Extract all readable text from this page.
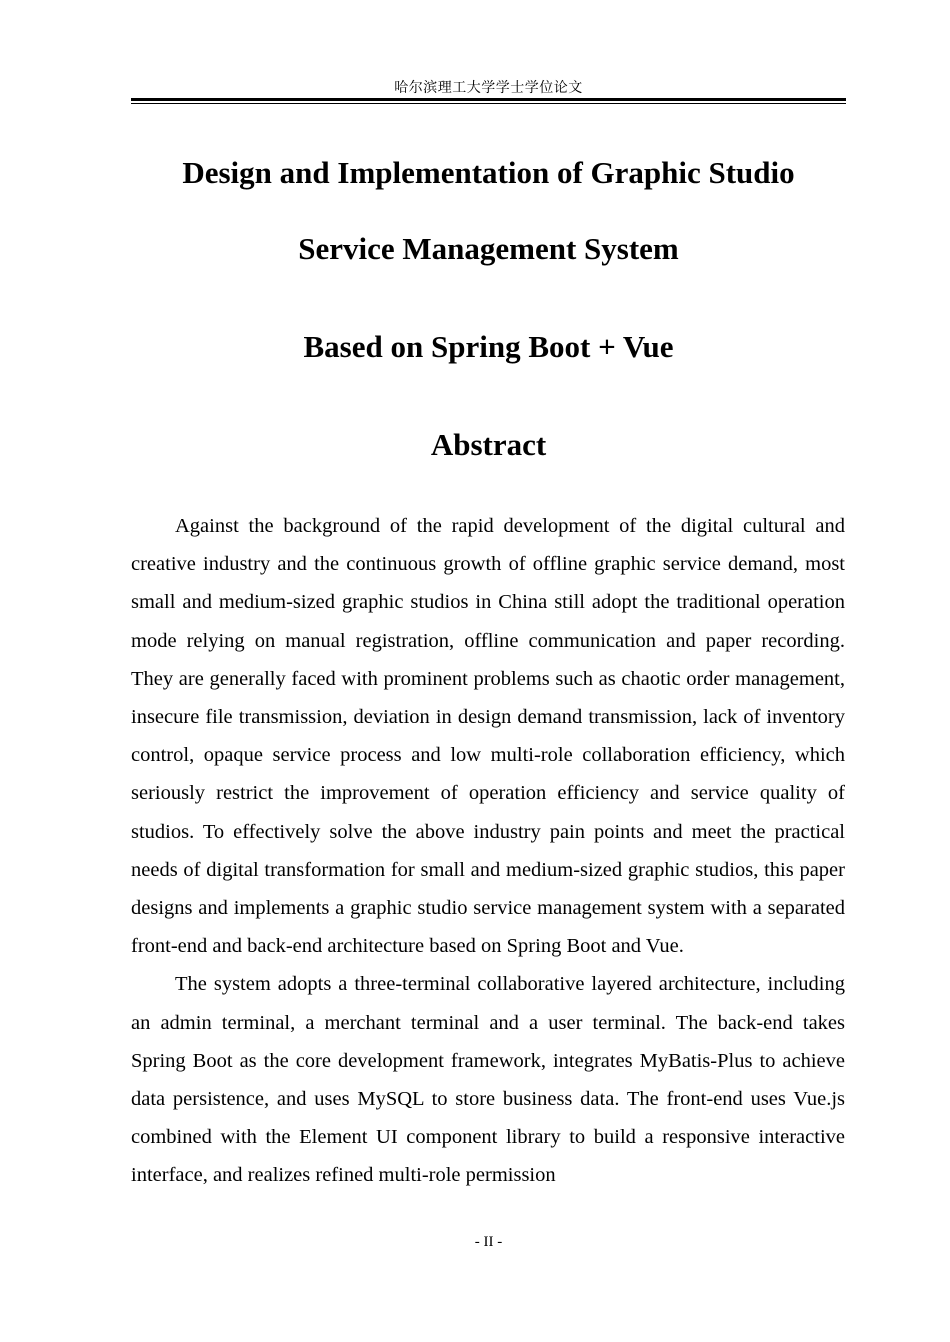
哈尔滨理工大学学士学位论文
Design and Implementation of Graphic Studio
Service Management System
Based on Spring Boot + Vue
Abstract

Against the background of the rapid development of the digital cultural and creative industry and the continuous growth of offline graphic service demand, most small and medium-sized graphic studios in China still adopt the traditional operation mode relying on manual registration, offline communication and paper recording. They are generally faced with prominent problems such as chaotic order management, insecure file transmission, deviation in design demand transmission, lack of inventory control, opaque service process and low multi-role collaboration efficiency, which seriously restrict the improvement of operation efficiency and service quality of studios. To effectively solve the above industry pain points and meet the practical needs of digital transformation for small and medium-sized graphic studios, this paper designs and implements a graphic studio service management system with a separated front-end and back-end architecture based on Spring Boot and Vue.

The system adopts a three-terminal collaborative layered architecture, including an admin terminal, a merchant terminal and a user terminal. The back-end takes Spring Boot as the core development framework, integrates MyBatis-Plus to achieve data persistence, and uses MySQL to store business data. The front-end uses Vue.js combined with the Element UI component library to build a responsive interactive interface, and realizes refined multi-role permission

- II -
